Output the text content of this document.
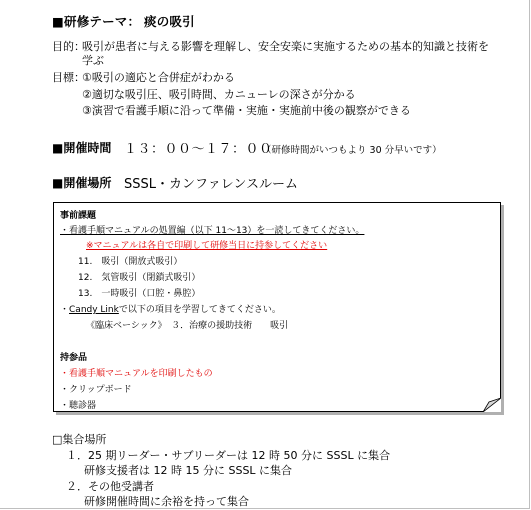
■研修テーマ： 痰の吸引
目的：
吸引が患者に与える影響を理解し、安全安楽に実施するための基本的知識と技術を
学ぶ
目標：
①吸引の適応と合併症がわかる
②適切な吸引圧、吸引時間、カニューレの深さが分かる
③演習で看護手順に沿って準備・実施・実施前中後の観察ができる
■開催時間 １３：００〜１７：００
（研修時間がいつもより 30 分早いです）
■開催場所 SSSL・カンファレンスルーム
事前課題
・看護手順マニュアルの処置編（以下 11〜13）を一読してきてください。
※マニュアルは各自で印刷して研修当日に持参してください
11.　吸引（開放式吸引）
12.　気管吸引（閉鎖式吸引）
13.　一時吸引（口腔・鼻腔）
・Candy Linkで以下の項目を学習してきてください。
《臨床ベーシック》　３．治療の援助技術　　吸引
持参品
・看護手順マニュアルを印刷したもの
・クリップボード
・聴診器
□集合場所
１．25 期リーダー・サブリーダーは 12 時 50 分に SSSL に集合
研修支援者は 12 時 15 分に SSSL に集合
２．その他受講者
研修開催時間に余裕を持って集合
